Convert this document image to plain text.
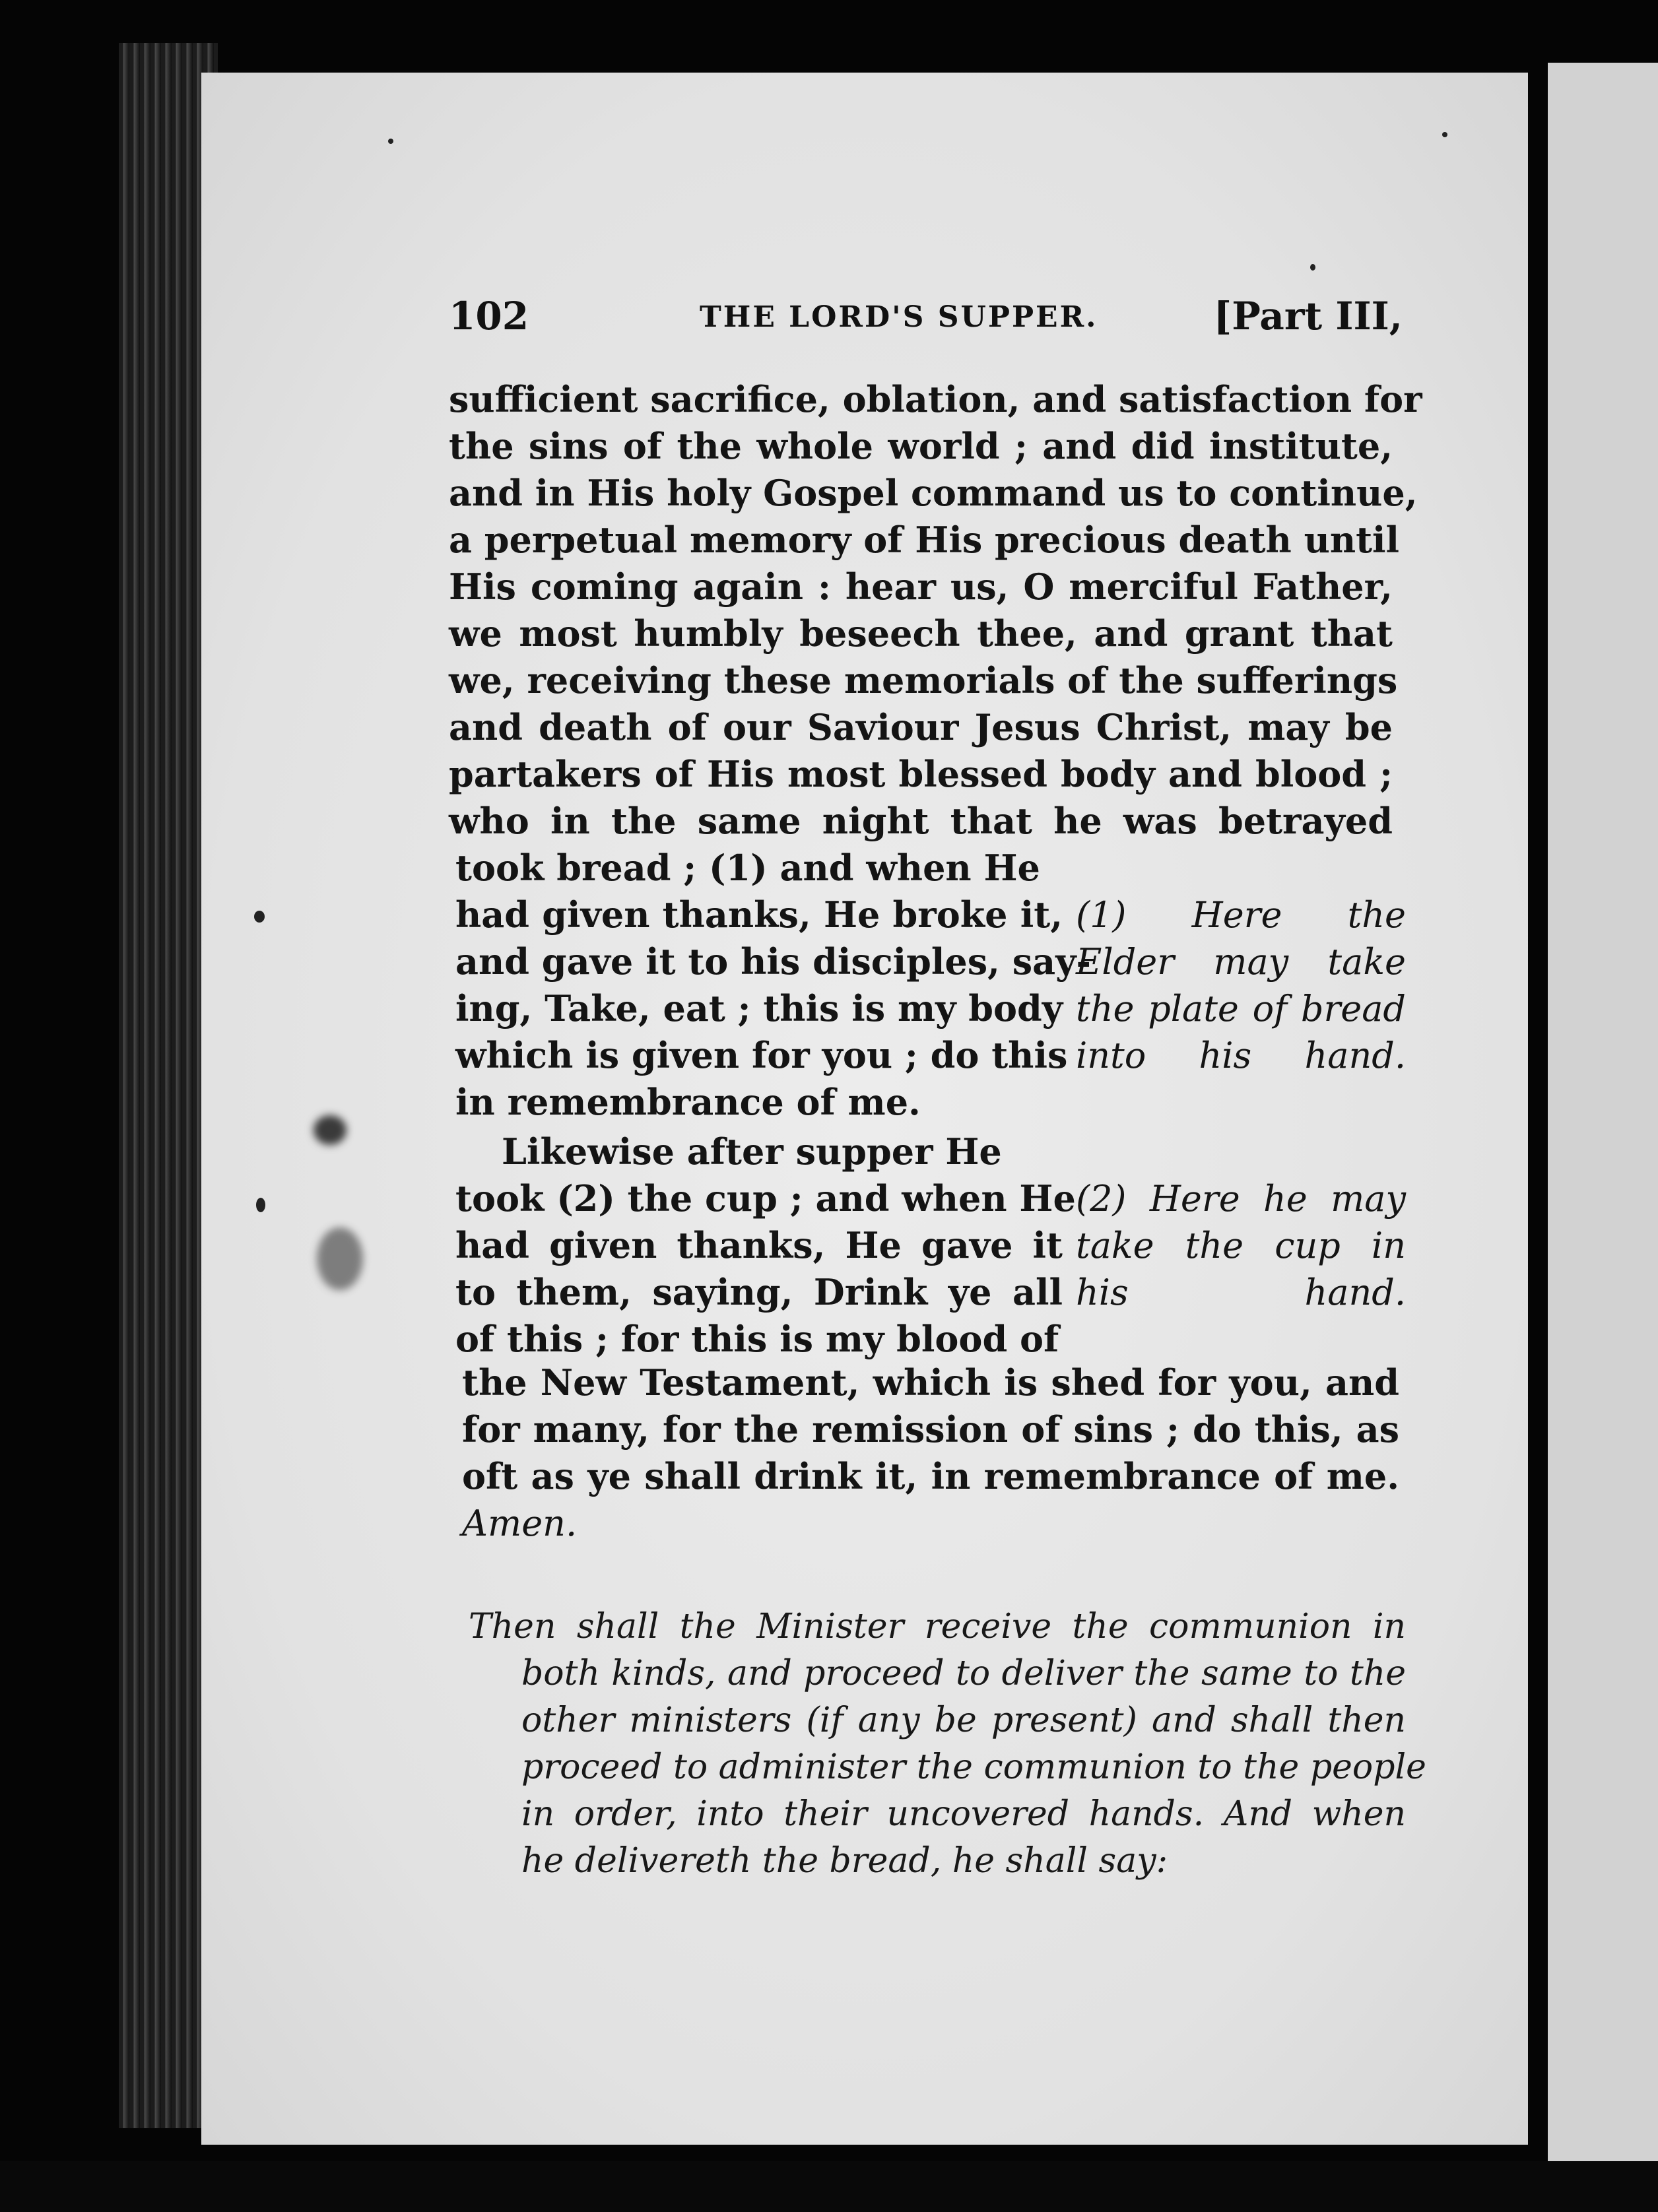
102	THE LORD'S SUPPER.	[Part III,
sufficient sacrifice, oblation, and satisfaction for
the sins of the whole world ; and did institute,
and in His holy Gospel command us to continue,
a perpetual memory of His precious death until
His coming again : hear us, O merciful Father,
we most humbly beseech thee, and grant that
we, receiving these memorials of the sufferings
and death of our Saviour Jesus Christ, may be
partakers of His most blessed body and blood ;
who in the same night that he was betrayed
took bread ; (1) and when He
had given thanks, He broke it,
and gave it to his disciples, say-
ing, Take, eat ; this is my body
which is given for you ; do this
in remembrance of me.
(1) Here the
Elder may take
the plate of bread
into his hand.
Likewise after supper He
took (2) the cup ; and when He
had given thanks, He gave it
to them, saying, Drink ye all
of this ; for this is my blood of
(2) Here he may
take the cup in
his hand.
the New Testament, which is shed for you, and
for many, for the remission of sins ; do this, as
oft as ye shall drink it, in remembrance of me.
Amen.
Then shall the Minister receive the communion in
both kinds, and proceed to deliver the same to the
other ministers (if any be present) and shall then
proceed to administer the communion to the people
in order, into their uncovered hands. And when
he delivereth the bread, he shall say:
